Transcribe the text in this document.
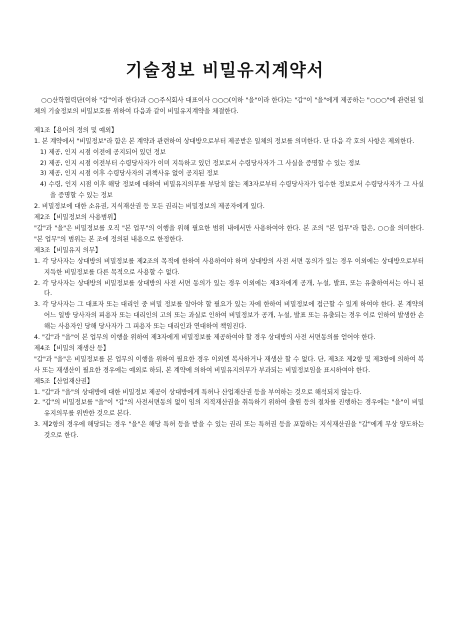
기술정보 비밀유지계약서

○○산학협력단(이하 "갑"이라 한다)과 ○○주식회사 대표이사 ○○○(이하 "을"이라 한다)는 "갑"이 "을"에게 제공하는 "○○○"에 관련된 일체의 기술정보의 비밀보호를 위하여 다음과 같이 비밀유지계약을 체결한다.

제1조【용어의 정의 및 예외】

1. 본 계약에서 "비밀정보"라 함은 본 계약과 관련하여 상대방으로부터 제공받은 일체의 정보를 의미한다. 단 다음 각 호의 사항은 제외한다.

1) 제공, 인지 시점 이전에 공지되어 있던 정보

2) 제공, 인지 시점 이전부터 수령당사자가 이미 지득하고 있던 정보로서 수령당사자가 그 사실을 증명할 수 있는 정보

3) 제공, 인지 시점 이후 수령당사자의 귀책사유 없이 공지된 정보

4) 수령, 인지 시점 이후 해당 정보에 대하여 비밀유지의무를 부담치 않는 제3자로부터 수령당사자가 입수한 정보로서 수령당사자가 그 사실을 증명할 수 있는 정보

2. 비밀정보에 대한 소유권, 지식재산권 등 모든 권리는 비밀정보의 제공자에게 있다.

제2조【비밀정보의 사용범위】

"갑"과 "을"은 비밀정보를 오직 "본 업무"의 이행을 위해 필요한 범위 내에서만 사용하여야 한다. 본 조의 "본 업무"라 함은, ○○을 의미한다. "본 업무"의 범위는 본 조에 정의된 내용으로 한정한다.

제3조【비밀유지 의무】

1. 각 당사자는 상대방의 비밀정보를 제2조의 목적에 한하여 사용하여야 하며 상대방의 사전 서면 동의가 있는 경우 이외에는 상대방으로부터 지득한 비밀정보를 다른 목적으로 사용할 수 없다.

2. 각 당사자는 상대방의 비밀정보를 상대방의 사전 서면 동의가 있는 경우 이외에는 제3자에게 공개, 누설, 발표, 또는 유출하여서는 아니 된다.

3. 각 당사자는 그 대표자 또는 대리인 중 비밀 정보를 알아야 할 필요가 있는 자에 한하여 비밀정보에 접근할 수 있게 하여야 한다. 본 계약의 어느 일방 당사자의 피용자 또는 대리인의 고의 또는 과실로 인하여 비밀정보가 공개, 누설, 발표 또는 유출되는 경우 이로 인하여 발생한 손해는 사용자인 당해 당사자가 그 피용자 또는 대리인과 연대하여 책임진다.

4. "갑"과 "을"이 본 업무의 이행을 위하여 제3자에게 비밀정보를 제공하여야 할 경우 상대방의 사전 서면동의를 얻어야 한다.

제4조【비밀의 재생산 등】

"갑"과 "을"은 비밀정보를 본 업무의 이행을 위하여 필요한 경우 이외엔 복사하거나 재생산 할 수 없다. 단, 제3조 제2항 및 제3항에 의하여 복사 또는 재생산이 필요한 경우에는 예외로 하되, 본 계약에 의하여 비밀유지의무가 부과되는 비밀정보임을 표시하여야 한다.

제5조【산업재산권】

1. "갑"과 "을"의 상대방에 대한 비밀정보 제공이 상대방에게 특허나 산업재산권 등을 부여하는 것으로 해석되지 않는다.

2. "갑"의 비밀정보를 "을"이 "갑"의 사전서면동의 없이 임의 지적재산권을 취득하기 위하여 출원 등의 절차를 진행하는 경우에는 "을"이 비밀유지의무를 위반한 것으로 본다.

3. 제2항의 경우에 해당되는 경우 "을"은 해당 특허 등을 받을 수 있는 권리 또는 특허권 등을 포함하는 지식재산권을 "갑"에게 무상 양도하는 것으로 한다.
